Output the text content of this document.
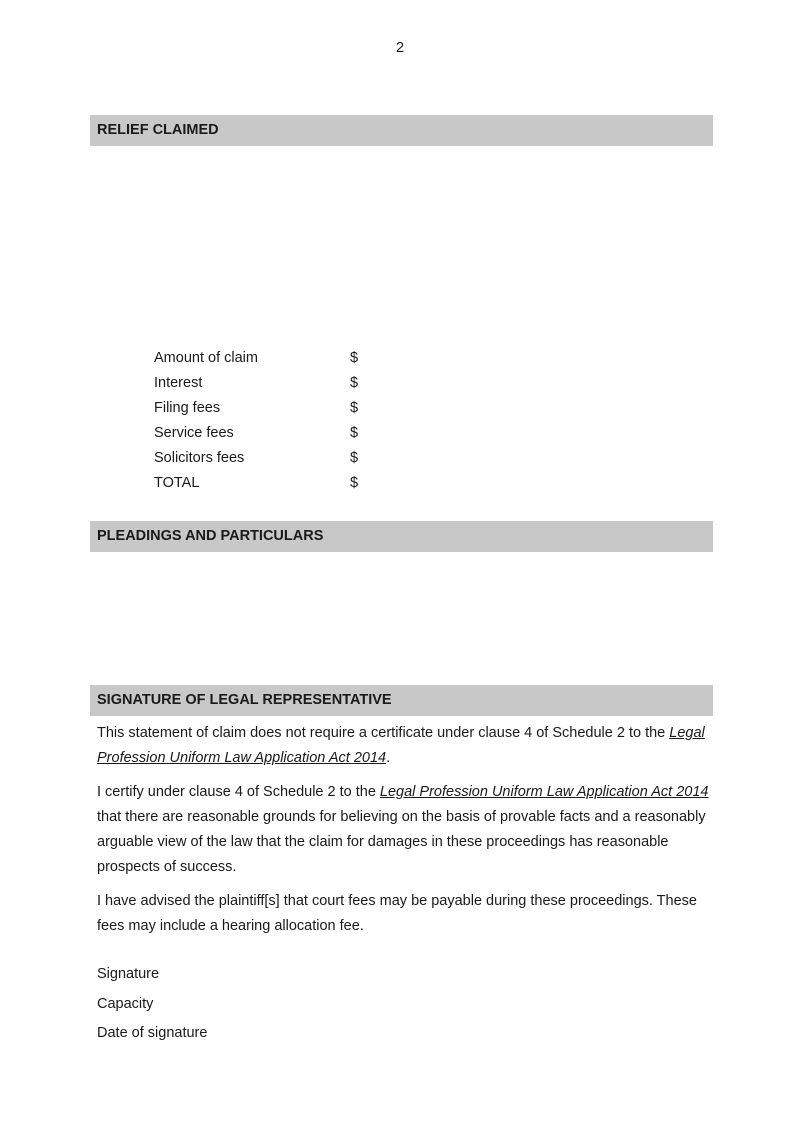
2
RELIEF CLAIMED
Amount of claim	$
Interest	$
Filing fees	$
Service fees	$
Solicitors fees	$
TOTAL	$
PLEADINGS AND PARTICULARS
SIGNATURE OF LEGAL REPRESENTATIVE

This statement of claim does not require a certificate under clause 4 of Schedule 2 to the Legal Profession Uniform Law Application Act 2014.

I certify under clause 4 of Schedule 2 to the Legal Profession Uniform Law Application Act 2014 that there are reasonable grounds for believing on the basis of provable facts and a reasonably arguable view of the law that the claim for damages in these proceedings has reasonable prospects of success.

I have advised the plaintiff[s] that court fees may be payable during these proceedings. These fees may include a hearing allocation fee.

Signature
Capacity
Date of signature
